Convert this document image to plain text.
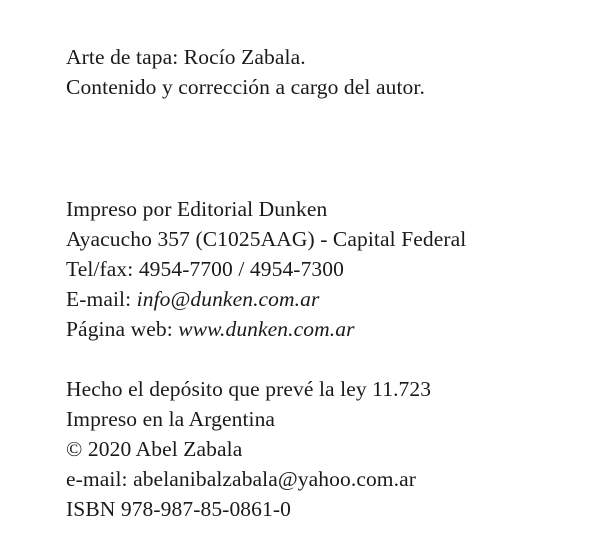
Arte de tapa: Rocío Zabala.
Contenido y corrección a cargo del autor.
Impreso por Editorial Dunken
Ayacucho 357 (C1025AAG) - Capital Federal
Tel/fax: 4954-7700 / 4954-7300
E-mail: info@dunken.com.ar
Página web: www.dunken.com.ar
Hecho el depósito que prevé la ley 11.723
Impreso en la Argentina
© 2020 Abel Zabala
e-mail: abelanibalzabala@yahoo.com.ar
ISBN 978-987-85-0861-0
